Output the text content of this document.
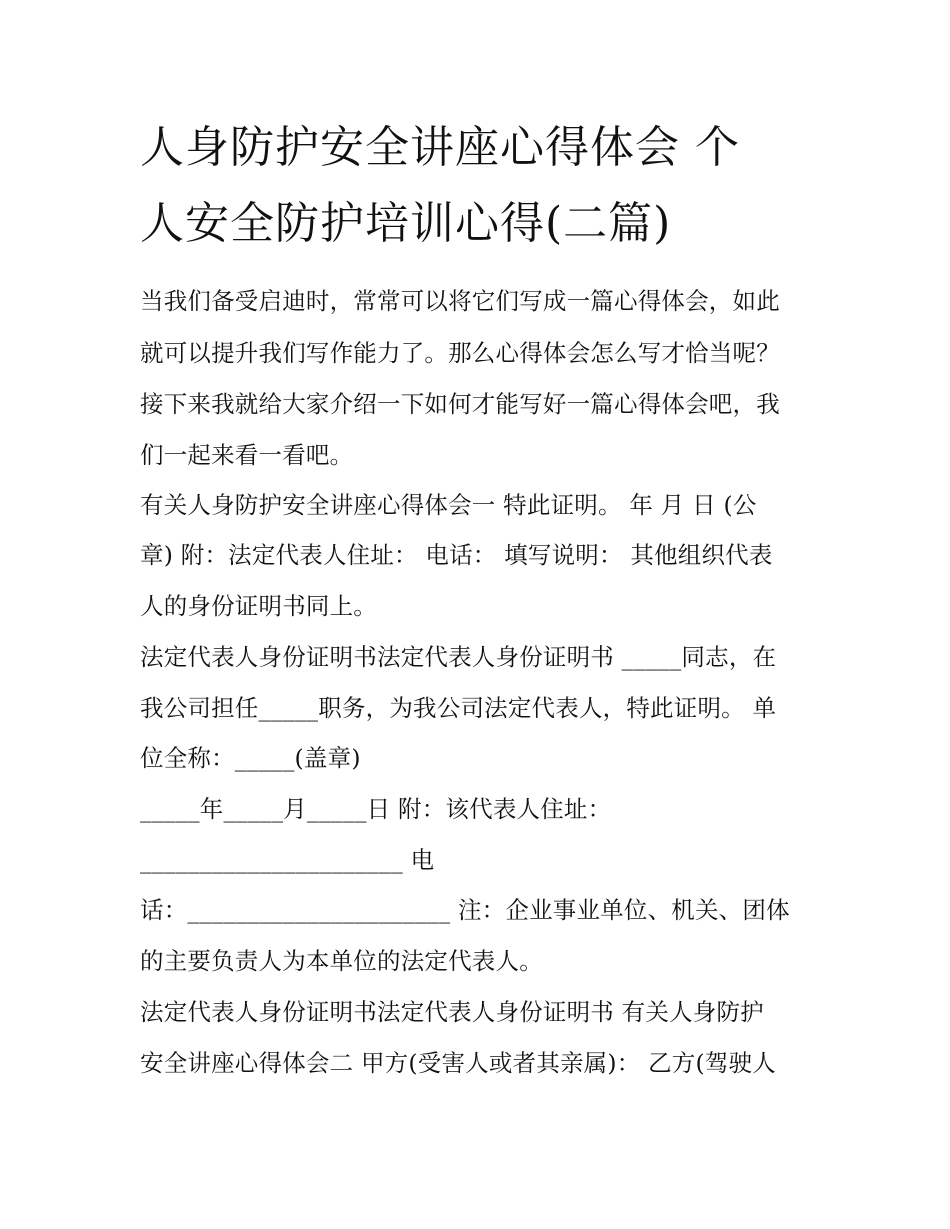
人身防护安全讲座心得体会 个
人安全防护培训心得(二篇)
当我们备受启迪时，常常可以将它们写成一篇心得体会，如此
就可以提升我们写作能力了。那么心得体会怎么写才恰当呢？
接下来我就给大家介绍一下如何才能写好一篇心得体会吧，我
们一起来看一看吧。
有关人身防护安全讲座心得体会一 特此证明。 年 月 日 (公
章) 附：法定代表人住址： 电话： 填写说明： 其他组织代表
人的身份证明书同上。
法定代表人身份证明书法定代表人身份证明书 _____同志，在
我公司担任_____职务，为我公司法定代表人，特此证明。 单
位全称：_____(盖章)
_____年_____月_____日 附：该代表人住址：
______________________ 电
话：______________________ 注：企业事业单位、机关、团体
的主要负责人为本单位的法定代表人。
法定代表人身份证明书法定代表人身份证明书 有关人身防护
安全讲座心得体会二 甲方(受害人或者其亲属)： 乙方(驾驶人
